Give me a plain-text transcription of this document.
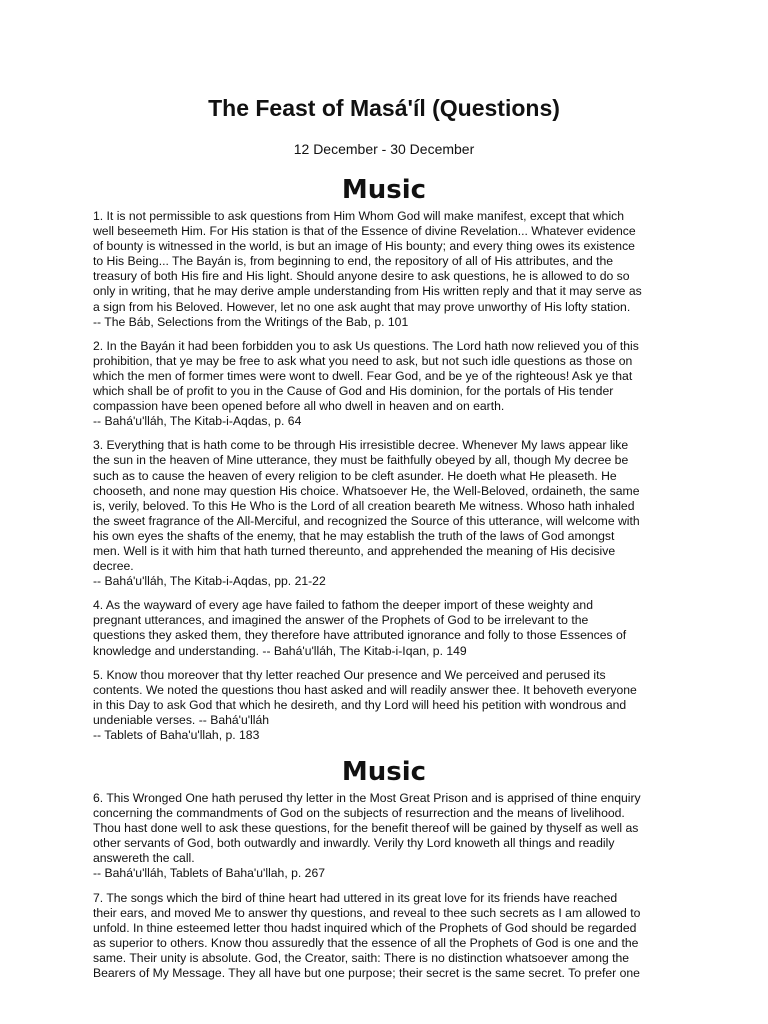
The Feast of Masá'íl (Questions)
12 December - 30 December
Music

1. It is not permissible to ask questions from Him Whom God will make manifest, except that which
well beseemeth Him. For His station is that of the Essence of divine Revelation... Whatever evidence
of bounty is witnessed in the world, is but an image of His bounty; and every thing owes its existence
to His Being... The Bayán is, from beginning to end, the repository of all of His attributes, and the
treasury of both His fire and His light. Should anyone desire to ask questions, he is allowed to do so
only in writing, that he may derive ample understanding from His written reply and that it may serve as
a sign from his Beloved. However, let no one ask aught that may prove unworthy of His lofty station.
-- The Báb, Selections from the Writings of the Bab, p. 101

2. In the Bayán it had been forbidden you to ask Us questions. The Lord hath now relieved you of this
prohibition, that ye may be free to ask what you need to ask, but not such idle questions as those on
which the men of former times were wont to dwell. Fear God, and be ye of the righteous! Ask ye that
which shall be of profit to you in the Cause of God and His dominion, for the portals of His tender
compassion have been opened before all who dwell in heaven and on earth.
-- Bahá'u'lláh, The Kitab-i-Aqdas, p. 64

3. Everything that is hath come to be through His irresistible decree. Whenever My laws appear like
the sun in the heaven of Mine utterance, they must be faithfully obeyed by all, though My decree be
such as to cause the heaven of every religion to be cleft asunder. He doeth what He pleaseth. He
chooseth, and none may question His choice. Whatsoever He, the Well-Beloved, ordaineth, the same
is, verily, beloved. To this He Who is the Lord of all creation beareth Me witness. Whoso hath inhaled
the sweet fragrance of the All-Merciful, and recognized the Source of this utterance, will welcome with
his own eyes the shafts of the enemy, that he may establish the truth of the laws of God amongst
men. Well is it with him that hath turned thereunto, and apprehended the meaning of His decisive
decree.
-- Bahá'u'lláh, The Kitab-i-Aqdas, pp. 21-22

4. As the wayward of every age have failed to fathom the deeper import of these weighty and
pregnant utterances, and imagined the answer of the Prophets of God to be irrelevant to the
questions they asked them, they therefore have attributed ignorance and folly to those Essences of
knowledge and understanding. -- Bahá'u'lláh, The Kitab-i-Iqan, p. 149

5. Know thou moreover that thy letter reached Our presence and We perceived and perused its
contents. We noted the questions thou hast asked and will readily answer thee. It behoveth everyone
in this Day to ask God that which he desireth, and thy Lord will heed his petition with wondrous and
undeniable verses. -- Bahá'u'lláh
-- Tablets of Baha'u'llah, p. 183

Music

6. This Wronged One hath perused thy letter in the Most Great Prison and is apprised of thine enquiry
concerning the commandments of God on the subjects of resurrection and the means of livelihood.
Thou hast done well to ask these questions, for the benefit thereof will be gained by thyself as well as
other servants of God, both outwardly and inwardly. Verily thy Lord knoweth all things and readily
answereth the call.
-- Bahá'u'lláh, Tablets of Baha'u'llah, p. 267

7. The songs which the bird of thine heart had uttered in its great love for its friends have reached
their ears, and moved Me to answer thy questions, and reveal to thee such secrets as I am allowed to
unfold. In thine esteemed letter thou hadst inquired which of the Prophets of God should be regarded
as superior to others. Know thou assuredly that the essence of all the Prophets of God is one and the
same. Their unity is absolute. God, the Creator, saith: There is no distinction whatsoever among the
Bearers of My Message. They all have but one purpose; their secret is the same secret. To prefer one
